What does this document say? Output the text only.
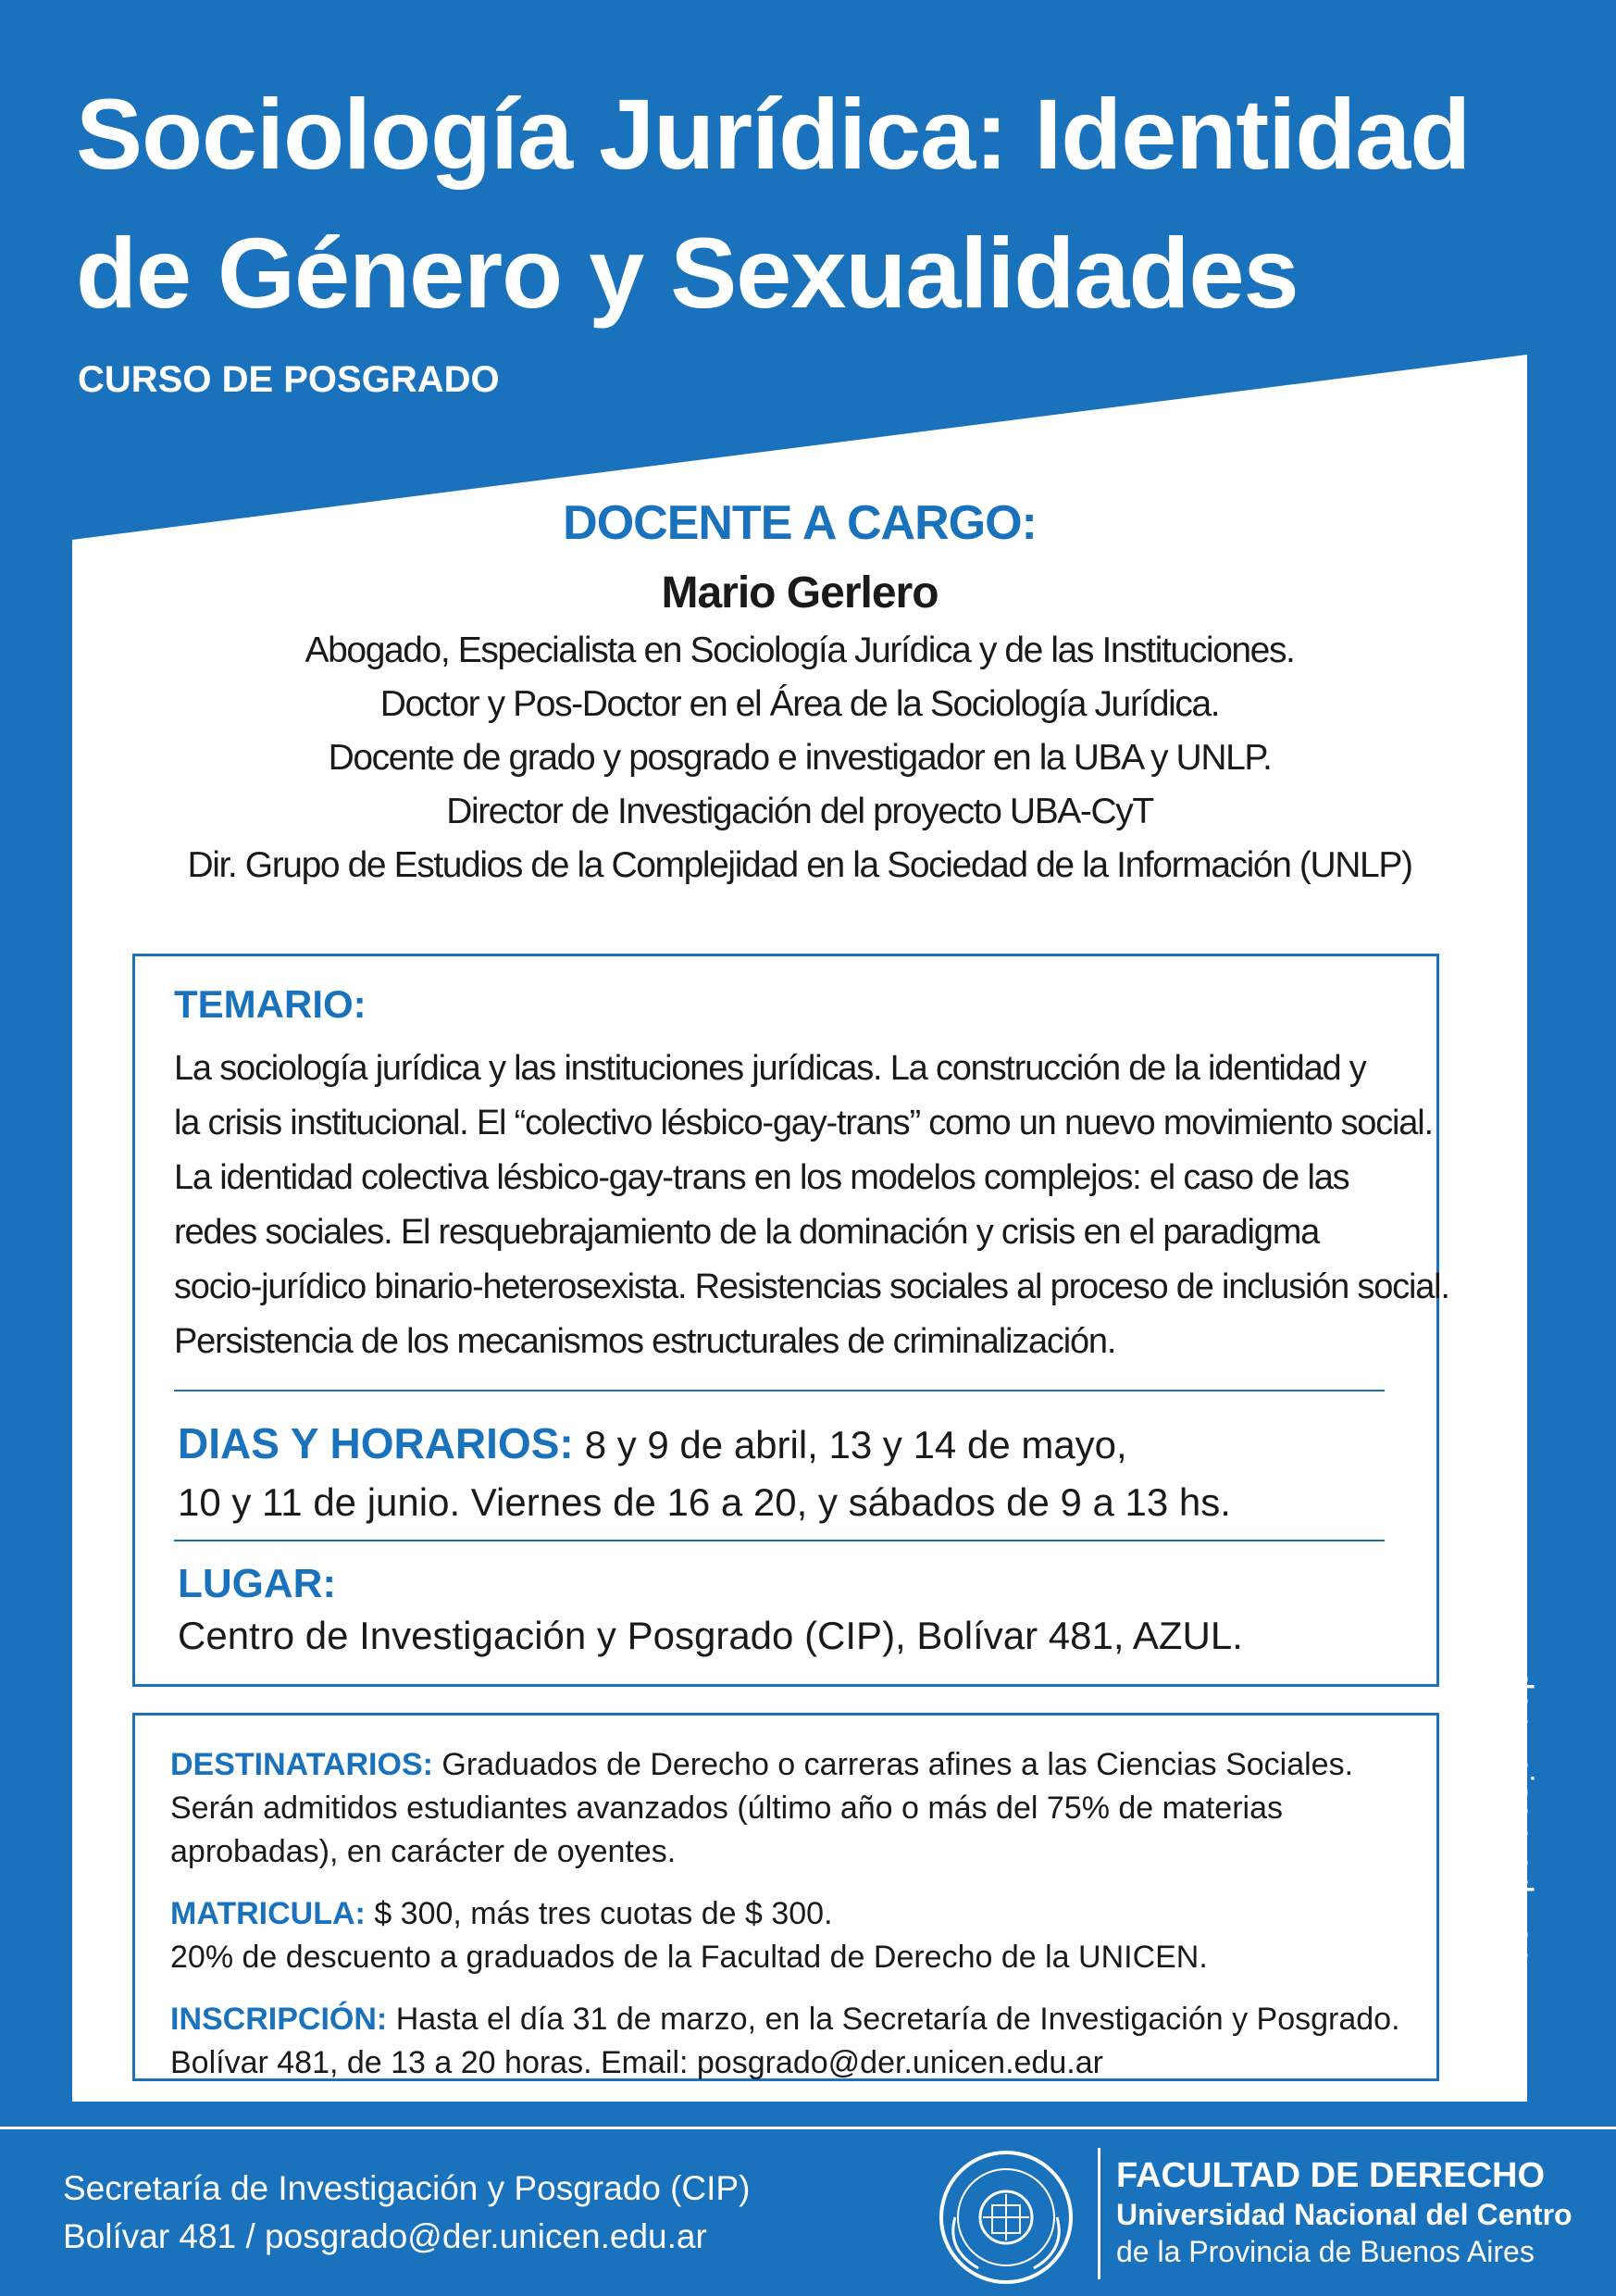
Sociología Jurídica: Identidad
de Género y Sexualidades
CURSO DE POSGRADO
DOCENTE A CARGO:
Mario Gerlero
Abogado, Especialista en Sociología Jurídica y de las Instituciones.
Doctor y Pos-Doctor en el Área de la Sociología Jurídica.
Docente de grado y posgrado e investigador en la UBA y UNLP.
Director de Investigación del proyecto UBA-CyT
Dir. Grupo de Estudios de la Complejidad en la Sociedad de la Información (UNLP)
TEMARIO:
La sociología jurídica y las instituciones jurídicas. La construcción de la identidad y
la crisis institucional. El “colectivo lésbico-gay-trans” como un nuevo movimiento social.
La identidad colectiva lésbico-gay-trans en los modelos complejos: el caso de las
redes sociales. El resquebrajamiento de la dominación y crisis en el paradigma
socio-jurídico binario-heterosexista. Resistencias sociales al proceso de inclusión social.
Persistencia de los mecanismos estructurales de criminalización.
DIAS Y HORARIOS: 8 y 9 de abril, 13 y 14 de mayo,
10 y 11 de junio. Viernes de 16 a 20, y sábados de 9 a 13 hs.
LUGAR:
Centro de Investigación y Posgrado (CIP), Bolívar 481, AZUL.

DESTINATARIOS: Graduados de Derecho o carreras afines a las Ciencias Sociales. Serán admitidos estudiantes avanzados (último año o más del 75% de materias aprobadas), en carácter de oyentes.

MATRICULA: $ 300, más tres cuotas de $ 300.
20% de descuento a graduados de la Facultad de Derecho de la UNICEN.

INSCRIPCIÓN: Hasta el día 31 de marzo, en la Secretaría de Investigación y Posgrado. Bolívar 481, de 13 a 20 horas. Email: posgrado@der.unicen.edu.ar

www.der.unicen.edu.ar
Secretaría de Investigación y Posgrado (CIP)
Bolívar 481 / posgrado@der.unicen.edu.ar
FACULTAD DE DERECHO
Universidad Nacional del Centro
de la Provincia de Buenos Aires
